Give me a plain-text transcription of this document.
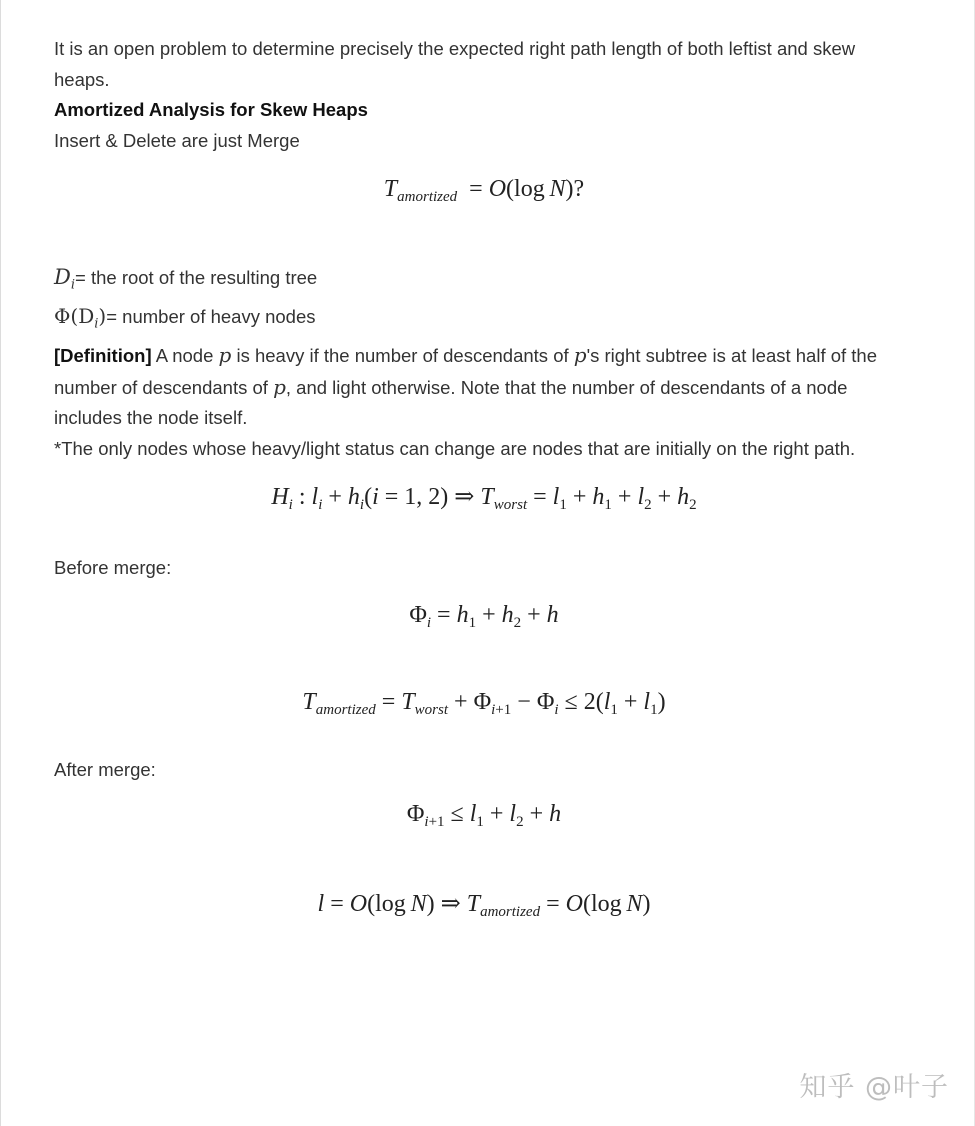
It is an open problem to determine precisely the expected right path length of both leftist and skew heaps.

Amortized Analysis for Skew Heaps

Insert & Delete are just Merge

$T_{amortized} = O(\log$ N)?

$D_i=$ the root of the resulting tree

$\Phi(D_i)=$ number of heavy nodes

[Definition] A node p is heavy if the number of descendants of p's right subtree is at least half of the number of descendants of p, and light otherwise. Note that the number of descendants of a node includes the node itself.

*The only nodes whose heavy/light status can change are nodes that are initially on the right path.

$H_i$ : $l_i + h_i(i = 1$, 2) ⇒ $T_{worst} = l_1 + h_1 + l_2 + h_2$

Before merge:

$\Phi_i = h_1 + h_2 + h$
$T_{amortized} = T_{worst} + \Phi_{i+1} - \Phi_i \le 2(l_1 + l_1)$

After merge:

$\Phi_{i+1} \le l_1 + l_2 + h$
l = O(log N) ⇒ $T_{amortized} = O(\log$ N)
知乎 @叶子
